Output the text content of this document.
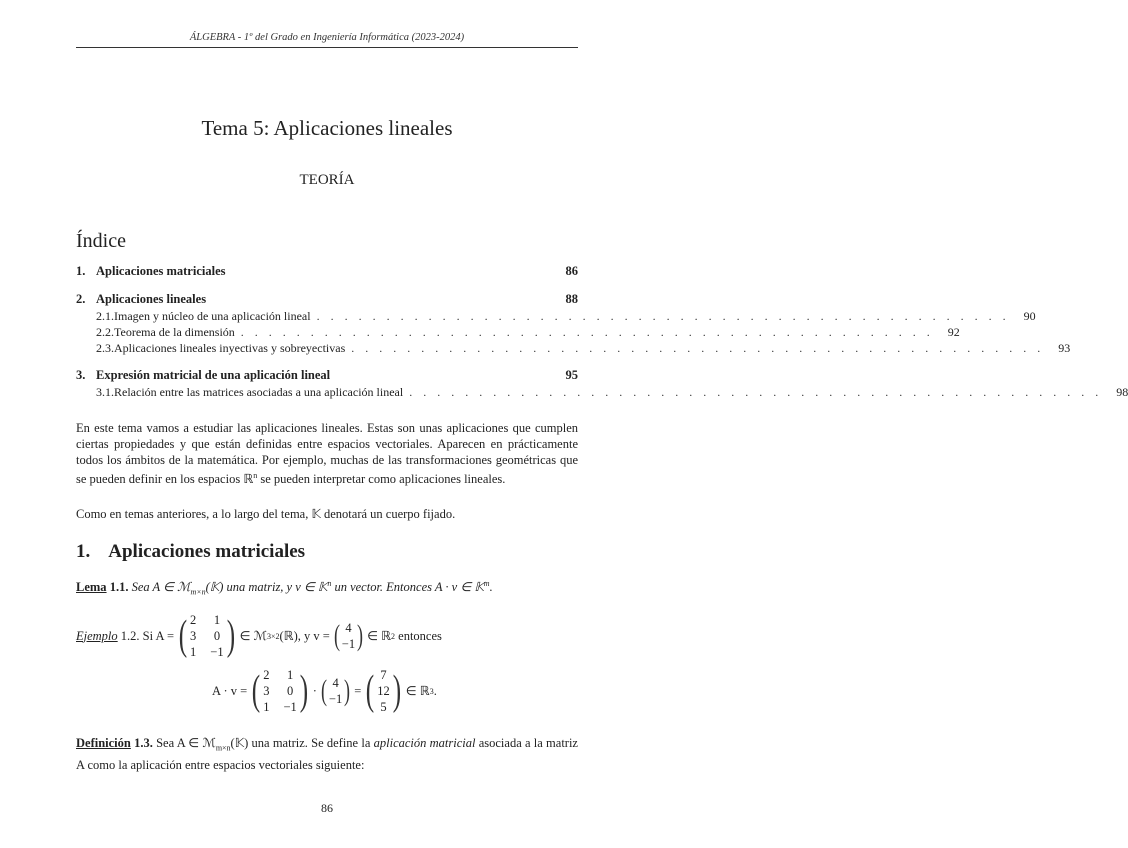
ÁLGEBRA - 1º del Grado en Ingeniería Informática (2023-2024)
Tema 5: Aplicaciones lineales
TEORÍA
Índice
1. Aplicaciones matriciales	86
2. Aplicaciones lineales	88
2.1. Imagen y núcleo de una aplicación lineal . . . . . . . . . . . . . . . . . . . . . . . . . . . . . . . . . . . . . . . . . . . . . . . . . .	90
2.2. Teorema de la dimensión . . . . . . . . . . . . . . . . . . . . . . . . . . . . . . . . . . . . . . . . . . . . . . . . . .	92
2.3. Aplicaciones lineales inyectivas y sobreyectivas . . . . . . . . . . . . . . . . . . . . . . . . . . . . . . . . . . . . . . . . . . . . . . . . . .	93
3. Expresión matricial de una aplicación lineal	95
3.1. Relación entre las matrices asociadas a una aplicación lineal . . . . . . . . . . . . . . . . . . . . . . . . . . . . . . . . . . . . . . . . . . . . . . . . . .	98
En este tema vamos a estudiar las aplicaciones lineales. Estas son unas aplicaciones que cumplen ciertas propiedades y que están definidas entre espacios vectoriales. Aparecen en prácticamente todos los ámbitos de la matemática. Por ejemplo, muchas de las transformaciones geométricas que se pueden definir en los espacios ℝ$^n$ se pueden interpretar como aplicaciones lineales.
Como en temas anteriores, a lo largo del tema, 𝕂 denotará un cuerpo fijado.
1. Aplicaciones matriciales
Lema 1.1. Sea A ∈ ℳ$_{m\times n}$(𝕂) una matriz, y v ∈ 𝕂$^n$ un vector. Entonces A · v ∈ 𝕂$^m$.
Ejemplo
1.2.
Si A = ( 2 1
3 0
1 −1 ) ∈ ℳ 3×2 (ℝ), y v = ( 4
−1 ) ∈ ℝ 2
entonces
A · v = ( 2 1
3 0
1 −1 ) · ( 4
−1 ) = ( 7
12
5 ) ∈ ℝ 3 .
Definición 1.3. Sea A ∈ ℳ$_{m\times n}$(𝕂) una matriz. Se define la aplicación matricial asociada a la matriz A como la aplicación entre espacios vectoriales siguiente:
86
